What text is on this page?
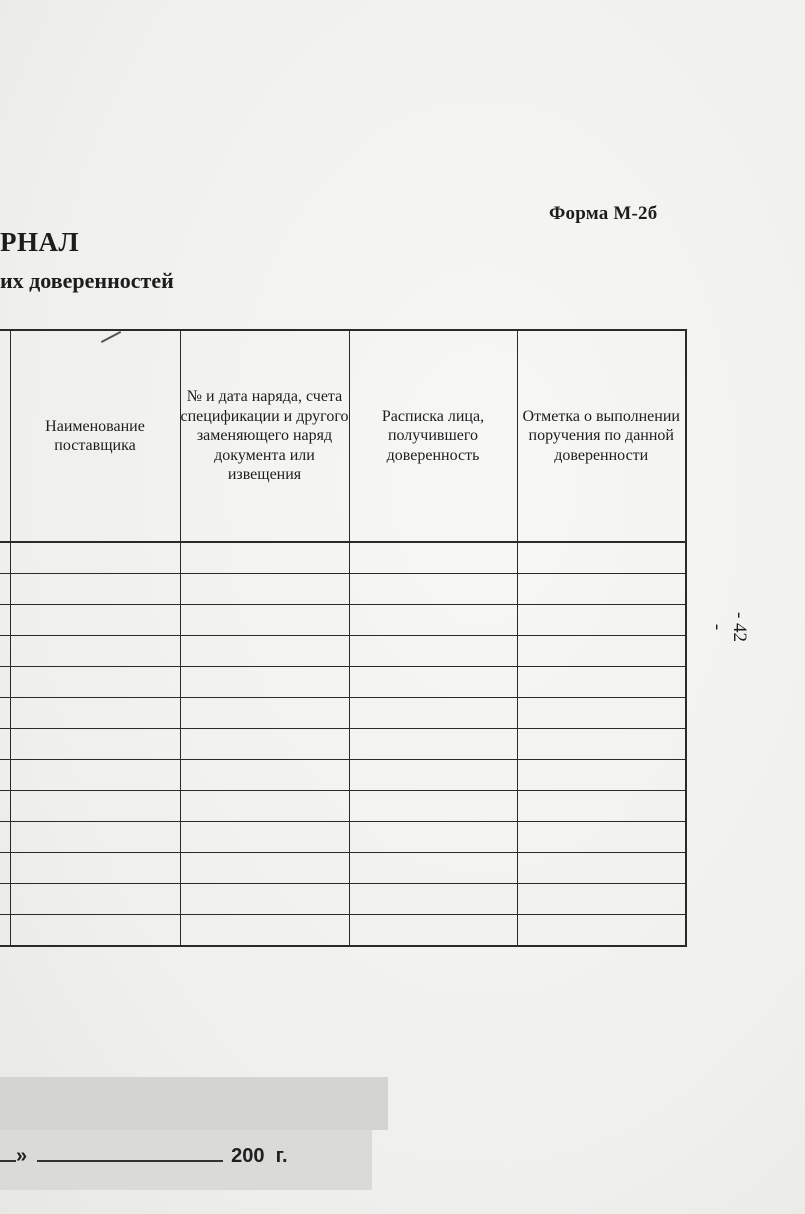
Форма М-2б
РНАЛ
их доверенностей
	Наименование поставщика	№ и дата наряда, счета спецификации и другого заменяющего наряд документа или извещения	Расписка лица, получившего доверенность	Отметка о выполнении поручения по данной доверенности

- 42 -
»	200 г.
